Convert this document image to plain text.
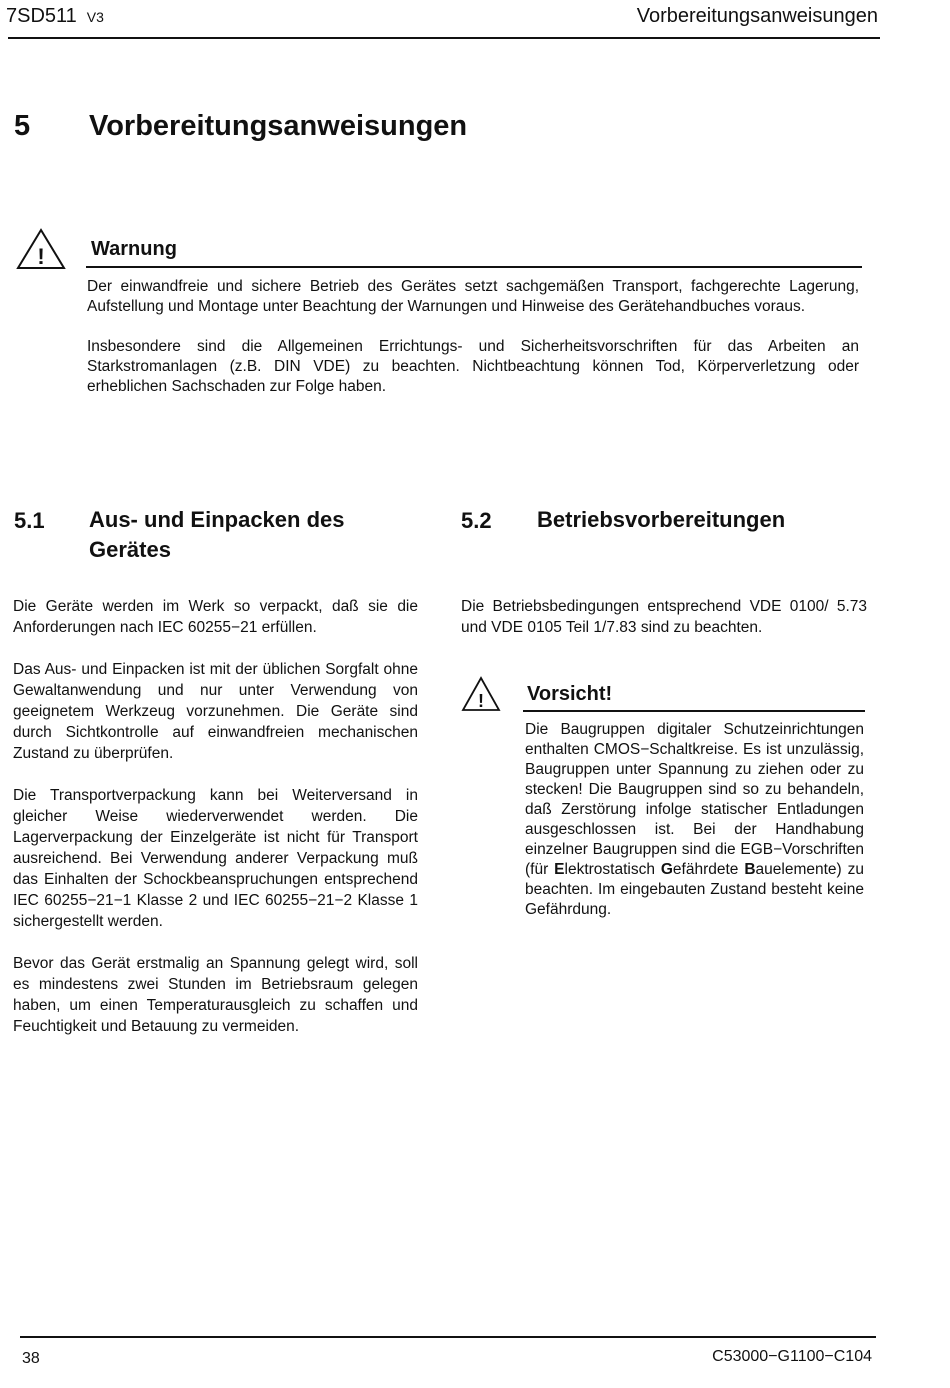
7SD511 V3	Vorbereitungsanweisungen
5 Vorbereitungsanweisungen
! Warnung

Der einwandfreie und sichere Betrieb des Gerätes setzt sachgemäßen Transport, fachgerechte Lagerung, Aufstellung und Montage unter Beachtung der Warnungen und Hinweise des Gerätehandbuches voraus.

Insbesondere sind die Allgemeinen Errichtungs- und Sicherheitsvorschriften für das Arbeiten an Starkstromanlagen (z.B. DIN VDE) zu beachten. Nichtbeachtung können Tod, Körperverletzung oder erheblichen Sachschaden zur Folge haben.

5.1 Aus- und Einpacken des
Gerätes

Die Geräte werden im Werk so verpackt, daß sie die Anforderungen nach IEC 60255−21 erfüllen.

Das Aus- und Einpacken ist mit der üblichen Sorgfalt ohne Gewaltanwendung und nur unter Verwendung von geeignetem Werkzeug vorzunehmen. Die Geräte sind durch Sichtkontrolle auf einwandfreien mechanischen Zustand zu überprüfen.

Die Transportverpackung kann bei Weiterversand in gleicher Weise wiederverwendet werden. Die Lagerverpackung der Einzelgeräte ist nicht für Transport ausreichend. Bei Verwendung anderer Verpackung muß das Einhalten der Schockbeanspruchungen entsprechend IEC 60255−21−1 Klasse 2 und IEC 60255−21−2 Klasse 1 sichergestellt werden.

Bevor das Gerät erstmalig an Spannung gelegt wird, soll es mindestens zwei Stunden im Betriebsraum gelegen haben, um einen Temperaturausgleich zu schaffen und Feuchtigkeit und Betauung zu vermeiden.

5.2 Betriebsvorbereitungen

Die Betriebsbedingungen entsprechend VDE 0100/ 5.73 und VDE 0105 Teil 1/7.83 sind zu beachten.

! Vorsicht!

Die Baugruppen digitaler Schutzeinrichtungen enthalten CMOS−Schaltkreise. Es ist unzulässig, Baugruppen unter Spannung zu ziehen oder zu stecken! Die Baugruppen sind so zu behandeln, daß Zerstörung infolge statischer Entladungen ausgeschlossen ist. Bei der Handhabung einzelner Baugruppen sind die EGB−Vorschriften (für Elektrostatisch Gefährdete Bauelemente) zu beachten. Im eingebauten Zustand besteht keine Gefährdung.

38	C53000−G1100−C104
